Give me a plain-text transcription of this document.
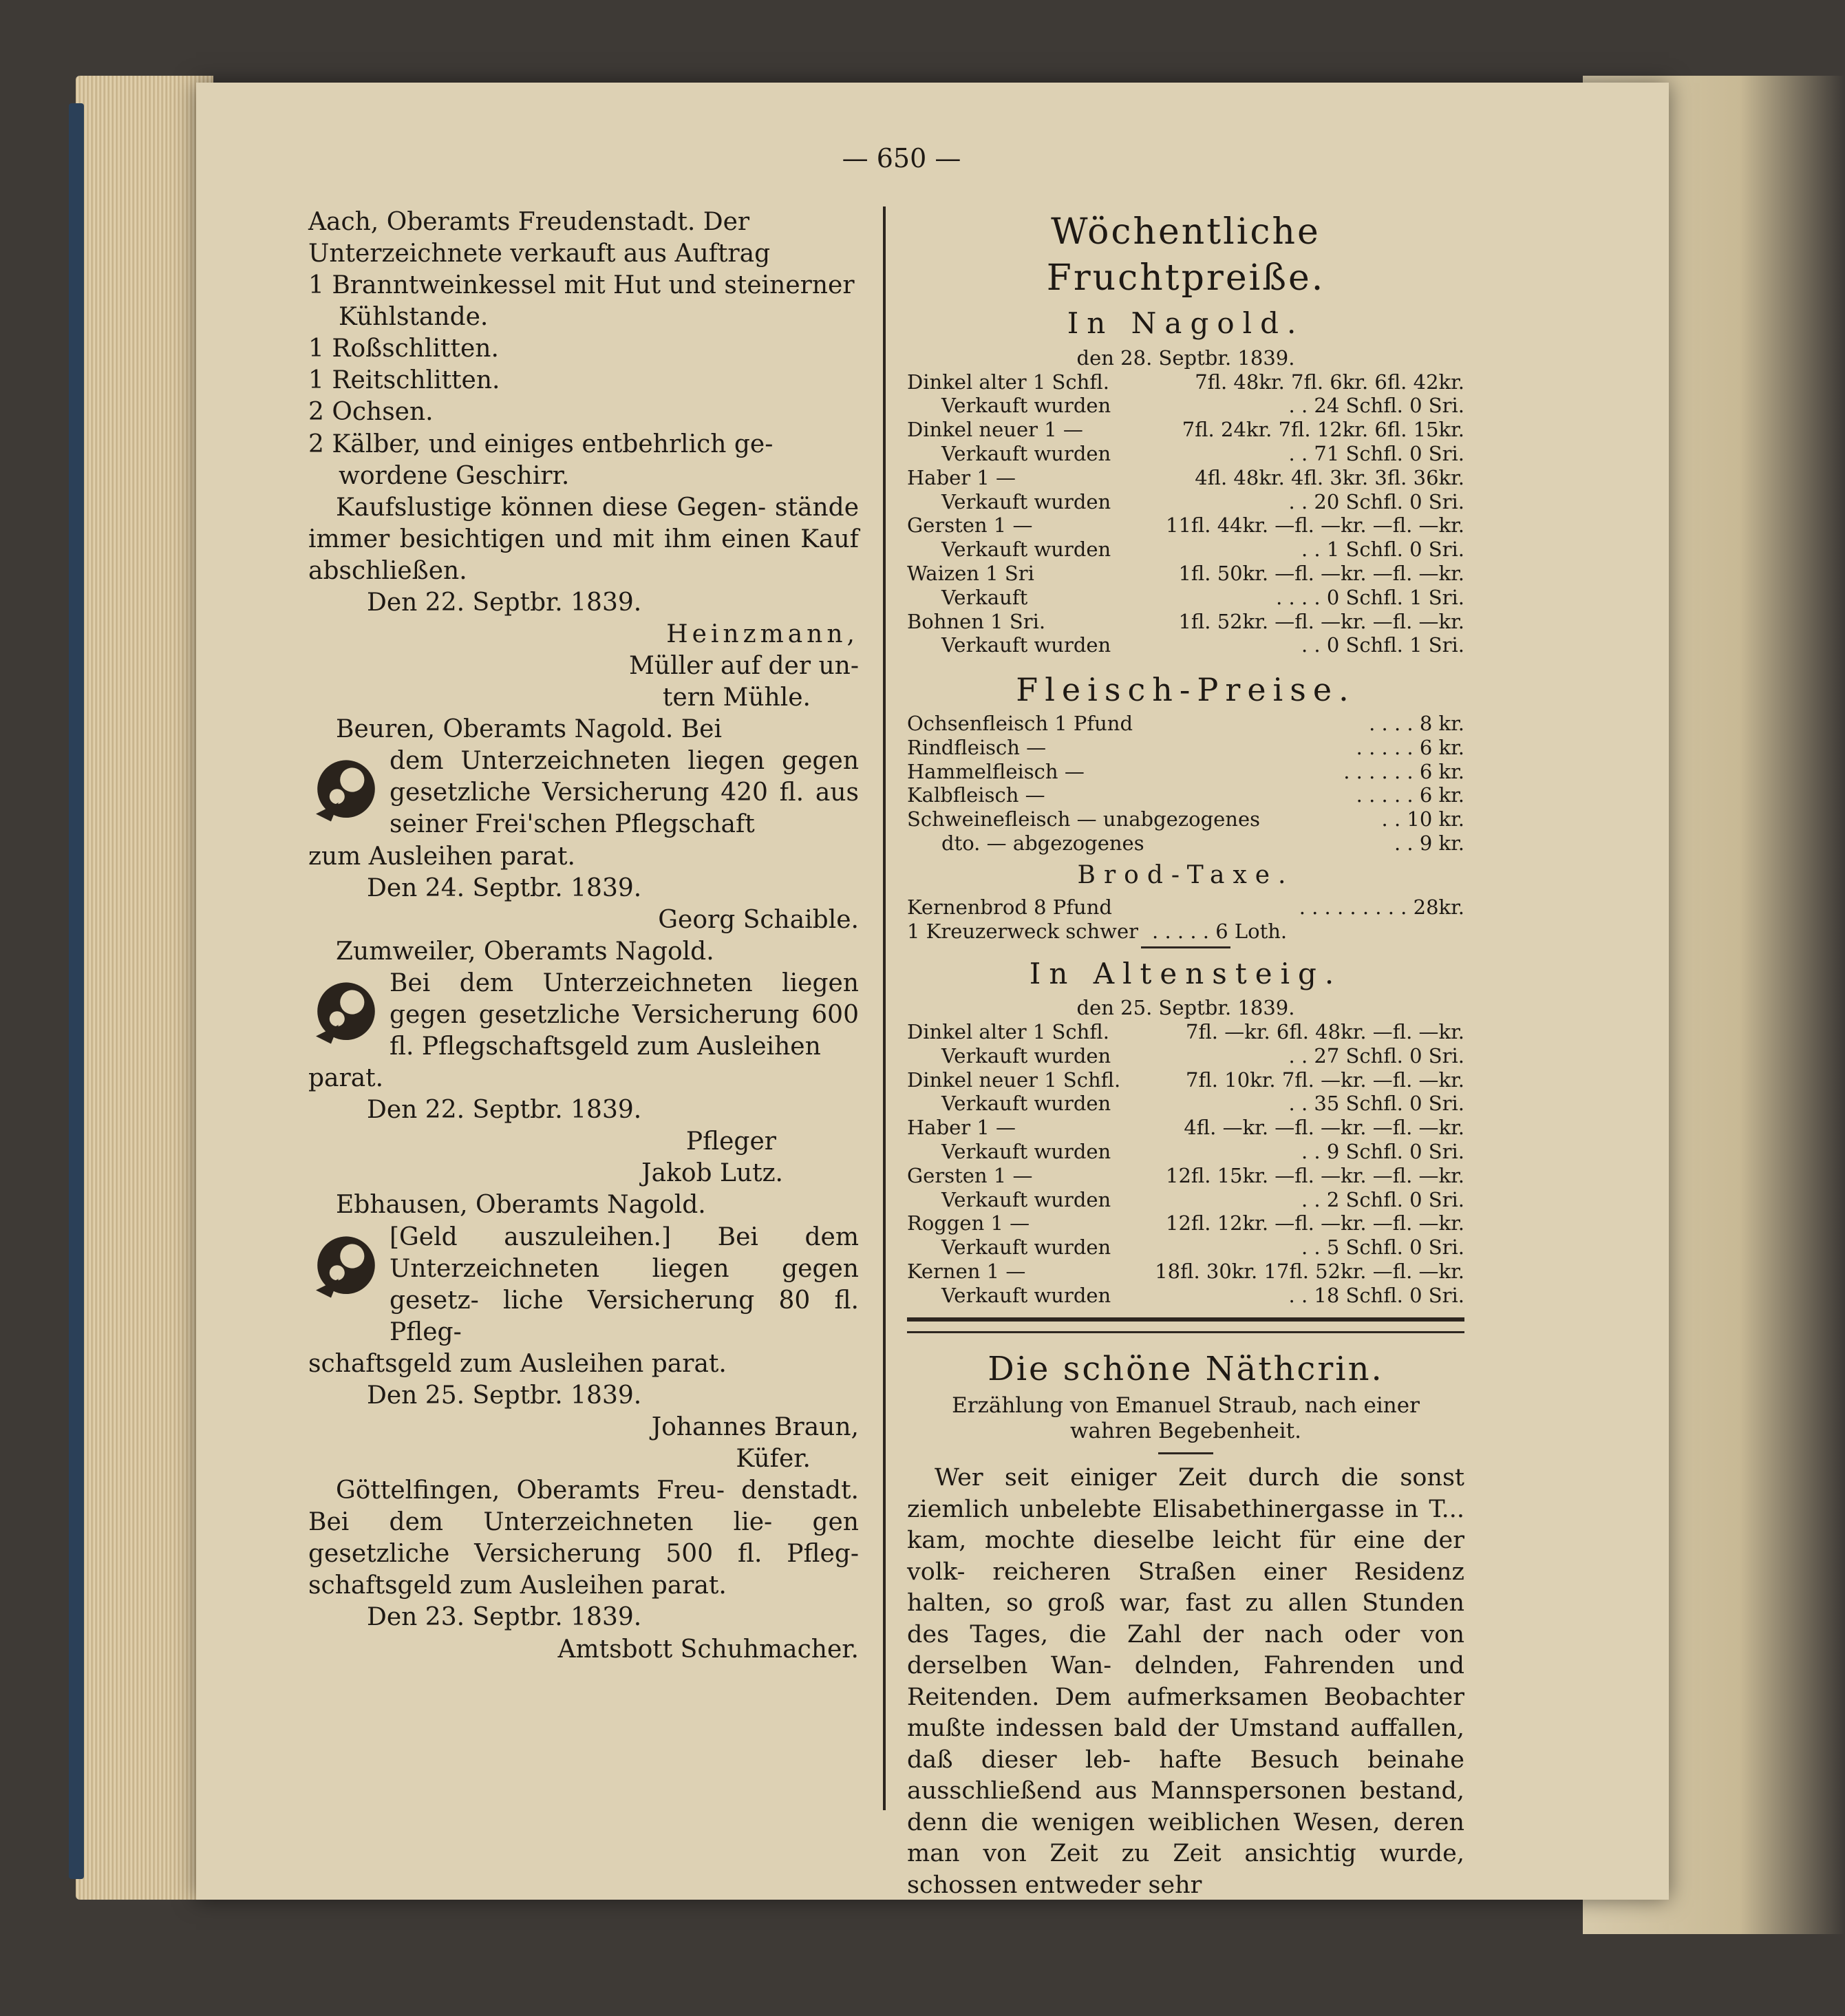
— 650 —

Aach, Oberamts Freudenstadt. Der

Unterzeichnete verkauft aus Auftrag

1 Branntweinkessel mit Hut und steinerner Kühlstande.

1 Roßschlitten.

1 Reitschlitten.

2 Ochsen.

2 Kälber, und einiges entbehrlich ge- wordene Geschirr.

Kaufslustige können diese Gegen- stände immer besichtigen und mit ihm einen Kauf abschließen.

Den 22. Septbr. 1839.

Heinzmann,

Müller auf der un-

tern Mühle.

Beuren, Oberamts Nagold. Bei

dem Unterzeichneten liegen gegen gesetzliche Versicherung 420 fl. aus seiner Frei'schen Pflegschaft

zum Ausleihen parat.

Den 24. Septbr. 1839.

Georg Schaible.

Zumweiler, Oberamts Nagold.

Bei dem Unterzeichneten liegen gegen gesetzliche Versicherung 600 fl. Pflegschaftsgeld zum Ausleihen

parat.

Den 22. Septbr. 1839.

Pfleger

Jakob Lutz.

Ebhausen, Oberamts Nagold.

[Geld auszuleihen.] Bei dem Unterzeichneten liegen gegen gesetz- liche Versicherung 80 fl. Pfleg-

schaftsgeld zum Ausleihen parat.

Den 25. Septbr. 1839.

Johannes Braun,

Küfer.

Göttelfingen, Oberamts Freu- denstadt. Bei dem Unterzeichneten lie- gen gesetzliche Versicherung 500 fl. Pfleg- schaftsgeld zum Ausleihen parat.

Den 23. Septbr. 1839.

Amtsbott Schuhmacher.

Wöchentliche Fruchtpreiße.

In Nagold.

den 28. Septbr. 1839.

Dinkel alter 1 Schfl.	7fl. 48kr. 7fl. 6kr. 6fl. 42kr.
Verkauft wurden	. . 24 Schfl. 0 Sri.
Dinkel neuer 1 —	7fl. 24kr. 7fl. 12kr. 6fl. 15kr.
Verkauft wurden	. . 71 Schfl. 0 Sri.
Haber 1 —	4fl. 48kr. 4fl. 3kr. 3fl. 36kr.
Verkauft wurden	. . 20 Schfl. 0 Sri.
Gersten 1 —	11fl. 44kr. —fl. —kr. —fl. —kr.
Verkauft wurden	. . 1 Schfl. 0 Sri.
Waizen 1 Sri	1fl. 50kr. —fl. —kr. —fl. —kr.
Verkauft	. . . . 0 Schfl. 1 Sri.
Bohnen 1 Sri.	1fl. 52kr. —fl. —kr. —fl. —kr.
Verkauft wurden	. . 0 Schfl. 1 Sri.

Fleisch-Preise.

Ochsenfleisch 1 Pfund	. . . . 8 kr.
Rindfleisch —	. . . . . 6 kr.
Hammelfleisch —	. . . . . . 6 kr.
Kalbfleisch —	. . . . . 6 kr.
Schweinefleisch — unabgezogenes	. . 10 kr.
dto. — abgezogenes	. . 9 kr.

Brod-Taxe.

Kernenbrod 8 Pfund	. . . . . . . . . 28kr.
1 Kreuzerweck schwer . . . . . 6 Loth.

In Altensteig.

den 25. Septbr. 1839.

Dinkel alter 1 Schfl.	7fl. —kr. 6fl. 48kr. —fl. —kr.
Verkauft wurden	. . 27 Schfl. 0 Sri.
Dinkel neuer 1 Schfl.	7fl. 10kr. 7fl. —kr. —fl. —kr.
Verkauft wurden	. . 35 Schfl. 0 Sri.
Haber 1 —	4fl. —kr. —fl. —kr. —fl. —kr.
Verkauft wurden	. . 9 Schfl. 0 Sri.
Gersten 1 —	12fl. 15kr. —fl. —kr. —fl. —kr.
Verkauft wurden	. . 2 Schfl. 0 Sri.
Roggen 1 —	12fl. 12kr. —fl. —kr. —fl. —kr.
Verkauft wurden	. . 5 Schfl. 0 Sri.
Kernen 1 —	18fl. 30kr. 17fl. 52kr. —fl. —kr.
Verkauft wurden	. . 18 Schfl. 0 Sri.

Die schöne Näthcrin.

Erzählung von Emanuel Straub, nach einer wahren Begebenheit.

Wer seit einiger Zeit durch die sonst ziemlich unbelebte Elisabethinergasse in T... kam, mochte dieselbe leicht für eine der volk- reicheren Straßen einer Residenz halten, so groß war, fast zu allen Stunden des Tages, die Zahl der nach oder von derselben Wan- delnden, Fahrenden und Reitenden. Dem aufmerksamen Beobachter mußte indessen bald der Umstand auffallen, daß dieser leb- hafte Besuch beinahe ausschließend aus Mannspersonen bestand, denn die wenigen weiblichen Wesen, deren man von Zeit zu Zeit ansichtig wurde, schossen entweder sehr
